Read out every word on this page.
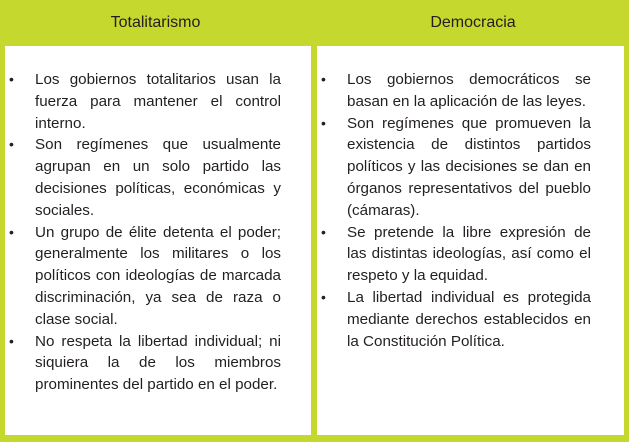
Totalitarismo
• Los gobiernos totalitarios usan la fuerza para mantener el control interno.
• Son regímenes que usualmente agrupan en un solo partido las decisiones políticas, económicas y sociales.
• Un grupo de élite detenta el poder; generalmente los militares o los políticos con ideologías de marcada discriminación, ya sea de raza o clase social.
• No respeta la libertad individual; ni siquiera la de los miembros prominentes del partido en el poder.
Democracia
• Los gobiernos democráticos se basan en la aplicación de las leyes.
• Son regímenes que promueven la existencia de distintos partidos políticos y las decisiones se dan en órganos representativos del pueblo (cámaras).
• Se pretende la libre expresión de las distintas ideologías, así como el respeto y la equidad.
• La libertad individual es protegida mediante derechos establecidos en la Constitución Política.
